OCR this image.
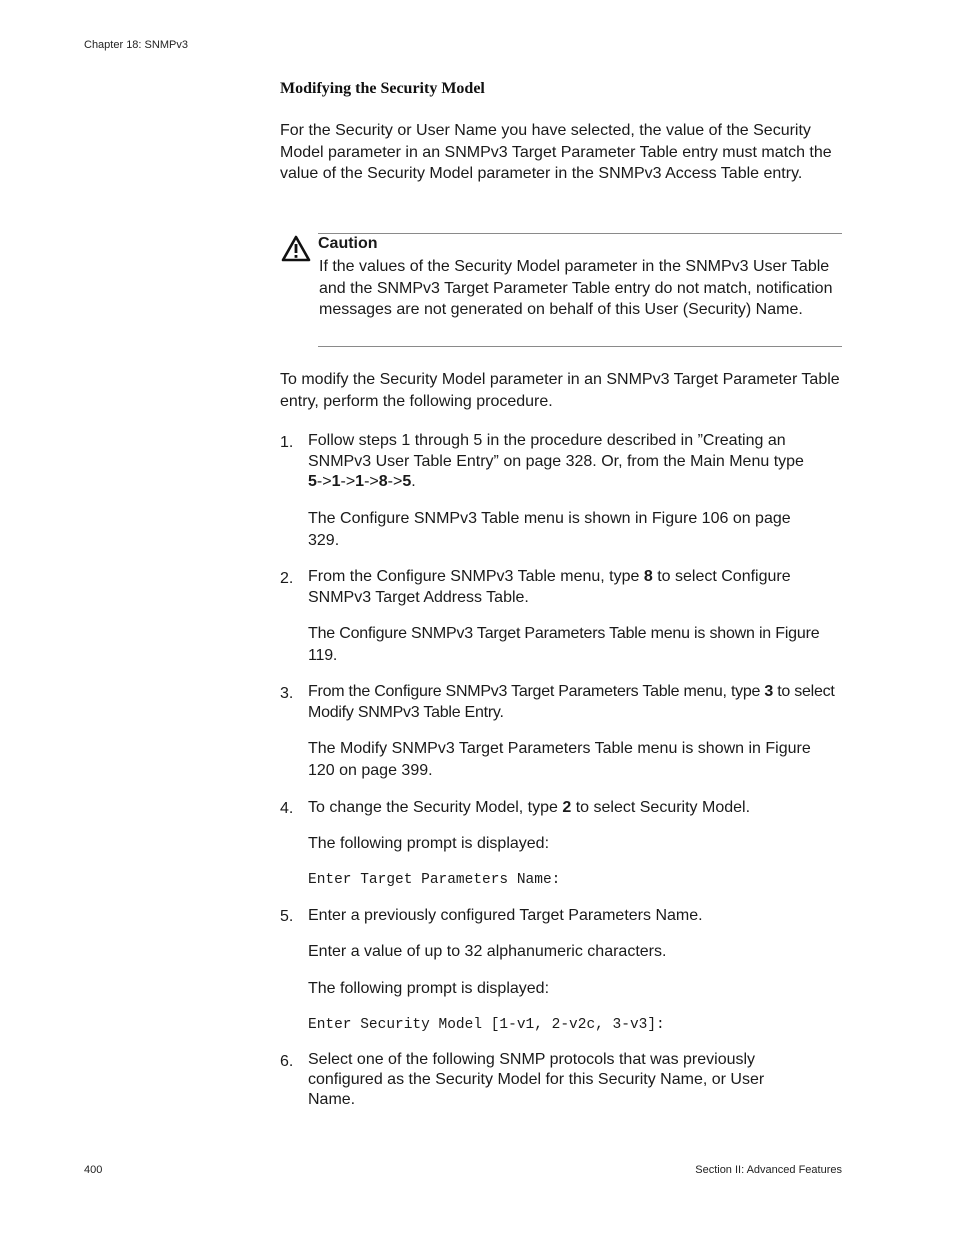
Chapter 18: SNMPv3
Modifying the Security Model
For the Security or User Name you have selected, the value of the Security Model parameter in an SNMPv3 Target Parameter Table entry must match the value of the Security Model parameter in the SNMPv3 Access Table entry.
Caution
If the values of the Security Model parameter in the SNMPv3 User Table and the SNMPv3 Target Parameter Table entry do not match, notification messages are not generated on behalf of this User (Security) Name.
To modify the Security Model parameter in an SNMPv3 Target Parameter Table entry, perform the following procedure.
1. Follow steps 1 through 5 in the procedure described in ”Creating an SNMPv3 User Table Entry” on page 328. Or, from the Main Menu type
5->1->1->8->5.
The Configure SNMPv3 Table menu is shown in Figure 106 on page 329.
2. From the Configure SNMPv3 Table menu, type 8 to select Configure SNMPv3 Target Address Table.
The Configure SNMPv3 Target Parameters Table menu is shown in Figure 119.
3. From the Configure SNMPv3 Target Parameters Table menu, type 3 to select Modify SNMPv3 Table Entry.
The Modify SNMPv3 Target Parameters Table menu is shown in Figure 120 on page 399.
4. To change the Security Model, type 2 to select Security Model.
The following prompt is displayed:
Enter Target Parameters Name:
5. Enter a previously configured Target Parameters Name.
Enter a value of up to 32 alphanumeric characters.
The following prompt is displayed:
Enter Security Model [1-v1, 2-v2c, 3-v3]:
6. Select one of the following SNMP protocols that was previously configured as the Security Model for this Security Name, or User Name.
400	Section II: Advanced Features
